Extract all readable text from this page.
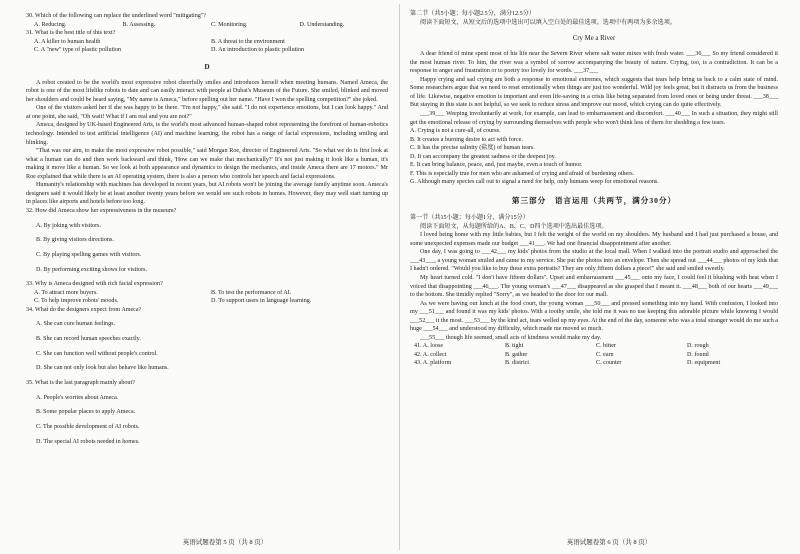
30. Which of the following can replace the underlined word "mitigating"?

A. Reducing.	B. Assessing.	C. Monitoring.	D. Understanding.

31. What is the best title of this text?

A. A killer to human health	B. A threat to the environment
C. A "new" type of plastic pollution	D. An introduction to plastic pollution

D

A robot created to be the world's most expressive robot cheerfully smiles and introduces herself when meeting humans. Named Ameca, the robot is one of the most lifelike robots to date and can easily interact with people at Dubai's Museum of the Future. She smiled, blinked and moved her shoulders and could be heard saying, "My name is Ameca," before spelling out her name. "Have I won the spelling competition?" she joked.

One of the visitors asked her if she was happy to be there. "I'm not happy," she said. "I do not experience emotions, but I can look happy." And at one point, she said, "Oh wait! What if I am real and you are not?"

Ameca, designed by UK-based Engineered Arts, is the world's most advanced human-shaped robot representing the forefront of human-robotics technology. Intended to test artificial intelligence (AI) and machine learning, the robot has a range of facial expressions, including smiling and blinking.

"That was our aim, to make the most expressive robot possible," said Morgan Roe, director of Engineered Arts. "So what we do is first look at what a human can do and then work backward and think, 'How can we make that mechanically?' It's not just making it look like a human, it's making it move like a human. So we look at both appearance and dynamics to design the mechanics, and inside Ameca there are 17 motors." Mr Roe explained that while there is an AI operating system, there is also a person who controls her speech and facial expressions.

Humanity's relationship with machines has developed in recent years, but AI robots won't be joining the average family anytime soon. Ameca's designers said it would likely be at least another twenty years before we would see such robots in homes. However, they may well start turning up in places like airports and hotels before too long.

32. How did Ameca show her expressiveness in the museum?

A. By joking with visitors.

B. By giving visitors directions.

C. By playing spelling games with visitors.

D. By performing exciting shows for visitors.

33. Why is Ameca designed with rich facial expression?

A. To attract more buyers.	B. To test the performance of AI.
C. To help improve robots' moods.	D. To support users in language learning.

34. What do the designers expect from Ameca?

A. She can cure human feelings.

B. She can record human speeches exactly.

C. She can function well without people's control.

D. She can not only look but also behave like humans.

35. What is the last paragraph mainly about?

A. People's worries about Ameca.

B. Some popular places to apply Ameca.

C. The possible development of AI robots.

D. The special AI robots needed in homes.

英语试题卷第 5 页（共 8 页）

第二节（共5小题；每小题2.5分，满分12.5分）

阅读下面短文，从短文后的选项中选出可以填入空白处的最佳选项。选项中有两项为多余选项。

Cry Me a River

A dear friend of mine spent most of his life near the Severn River where salt water mixes with fresh water. ___36___ So my friend considered it the most human river. To him, the river was a symbol of sorrow accompanying the beauty of nature. Crying, too, is a contradiction. It can be a response to anger and frustration or to poetry too lovely for words. ___37___

Happy crying and sad crying are both a response to emotional extremes, which suggests that tears help bring us back to a calm state of mind. Some researchers argue that we need to reset emotionally when things are just too wonderful. Wild joy feels great, but it distracts us from the business of life. Likewise, negative emotion is important and even life-saving in a crisis like being separated from loved ones or being under threat. ___38___ But staying in this state is not helpful, so we seek to reduce stress and improve our mood, which crying can do quite effectively.

___39___ Weeping involuntarily at work, for example, can lead to embarrassment and discomfort. ___40___ In such a situation, they might still get the emotional release of crying by surrounding themselves with people who won't think less of them for shedding a few tears.

A. Crying is not a cure-all, of course.

B. It creates a burning desire to act with force.

C. It has the precise salinity (盐度) of human tears.

D. It can accompany the greatest sadness or the deepest joy.

E. It can bring balance, peace, and, just maybe, even a touch of humor.

F. This is especially true for men who are ashamed of crying and afraid of burdening others.

G. Although many species call out to signal a need for help, only humans weep for emotional reasons.

第三部分　语言运用（共两节，满分30分）

第一节（共15小题；每小题1分，满分15分）

阅读下面短文，从每题所给的A、B、C、D四个选项中选出最佳选项。

I loved being home with my little babies, but I felt the weight of the world on my shoulders. My husband and I had just purchased a house, and some unexpected expenses made our budget ___41___. We had one financial disappointment after another.

One day, I was going to ___42___ my kids' photos from the studio at the local mall. When I walked into the portrait studio and approached the ___43___, a young woman smiled and came to my service. She put the photos into an envelope. Then she spread out ___44___ photos of my kids that I hadn't ordered. "Would you like to buy these extra portraits? They are only fifteen dollars a piece!" she said and smiled sweetly.

My heart turned cold. "I don't have fifteen dollars". Upset and embarrassment ___45___ onto my face, I could feel it blushing with heat when I voiced that disappointing ___46___. The young woman's ___47___ disappeared as she grasped that I meant it. ___48___ both of our hearts ___49___ to the bottom. She timidly replied "Sorry", as we headed to the door for our mall.

As we were having our lunch at the food court, the young woman ___50___ and pressed something into my hand. With confusion, I looked into my ___51___ and found it was my kids' photos. With a toothy smile, she told me it was no use keeping this adorable picture while knowing I would ___52___ it the most. ___53___ by the kind act, tears welled up my eyes. At the end of the day, someone who was a total stranger would do me such a huge ___54___ and understood my difficulty, which made me moved so much.

___55___ though life seemed, small acts of kindness would make my day.

41. A. loose	B. tight	C. bitter	D. rough
42. A. collect	B. gather	C. earn	D. found
43. A. platform	B. district	C. counter	D. equipment
英语试题卷第 6 页（共 8 页）
